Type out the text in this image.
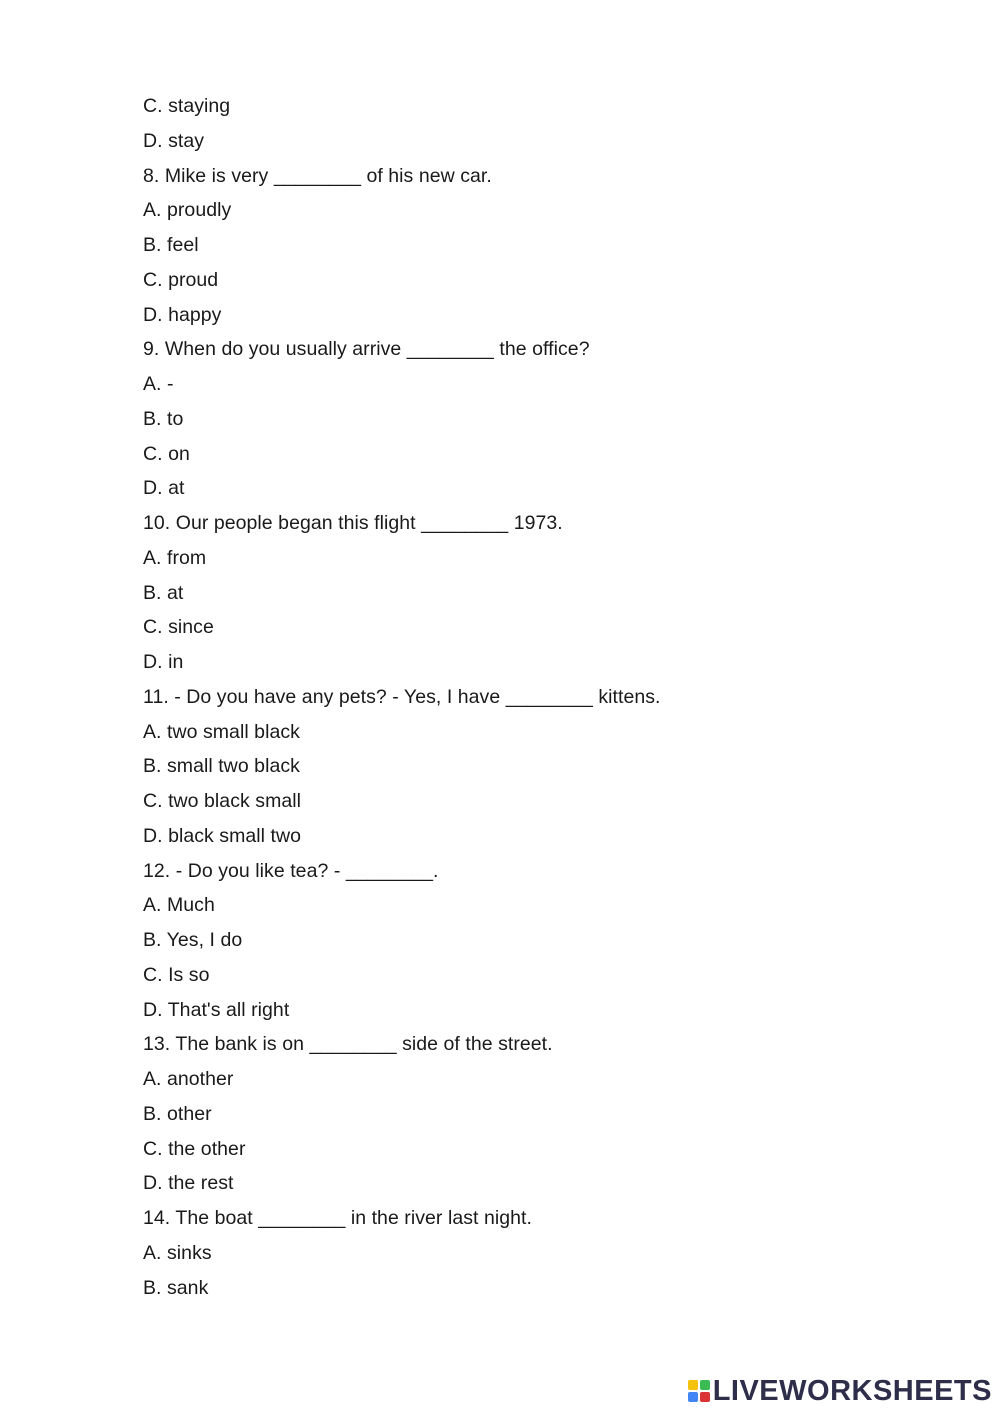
C. staying
D. stay
8. Mike is very ________ of his new car.
A. proudly
B. feel
C. proud
D. happy
9. When do you usually arrive ________ the office?
A. -
B. to
C. on
D. at
10. Our people began this flight ________ 1973.
A. from
B. at
C. since
D. in
11. - Do you have any pets? - Yes, I have ________ kittens.
A. two small black
B. small two black
C. two black small
D. black small two
12. - Do you like tea? - ________.
A. Much
B. Yes, I do
C. Is so
D. That's all right
13. The bank is on ________ side of the street.
A. another
B. other
C. the other
D. the rest
14. The boat ________ in the river last night.
A. sinks
B. sank
LIVEWORKSHEETS
